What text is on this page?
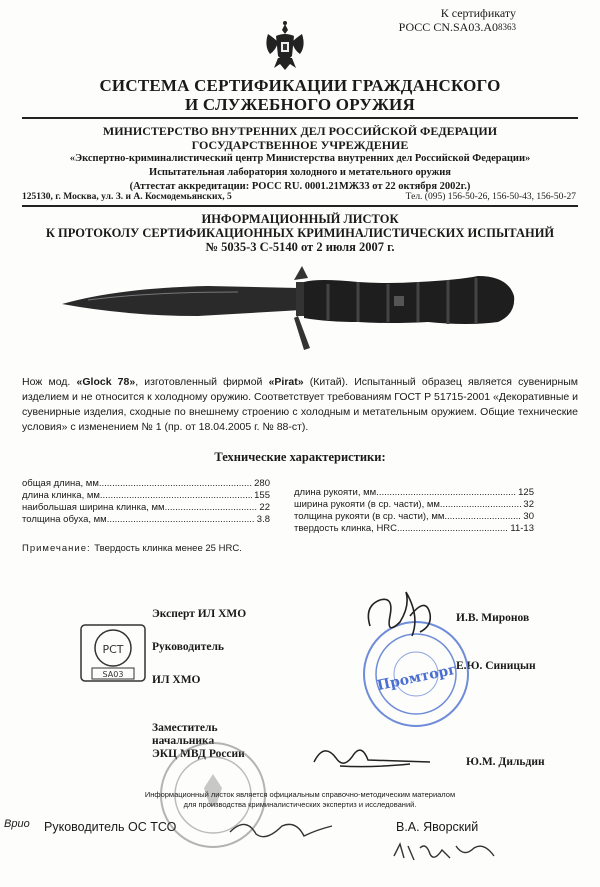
К сертификату
РОСС $CN.SA03.A0^{8363}$
СИСТЕМА СЕРТИФИКАЦИИ ГРАЖДАНСКОГО
И СЛУЖЕБНОГО ОРУЖИЯ
МИНИСТЕРСТВО ВНУТРЕННИХ ДЕЛ РОССИЙСКОЙ ФЕДЕРАЦИИ
ГОСУДАРСТВЕННОЕ УЧРЕЖДЕНИЕ
«Экспертно-криминалистический центр Министерства внутренних дел Российской Федерации»
Испытательная лаборатория холодного и метательного оружия
(Аттестат аккредитации: РОСС RU. 0001.21МЖ33 от 22 октября 2002г.)
125130, г. Москва, ул. З. и А. Космодемьянских, 5	Тел. (095) 156-50-26, 156-50-43, 156-50-27
ИНФОРМАЦИОННЫЙ ЛИСТОК
К ПРОТОКОЛУ СЕРТИФИКАЦИОННЫХ КРИМИНАЛИСТИЧЕСКИХ ИСПЫТАНИЙ
№ 5035-3 С-5140 от 2 июля 2007 г.
Нож мод. «Glock 78», изготовленный фирмой «Pirat» (Китай). Испытанный образец является сувенирным изделием и не относится к холодному оружию. Соответствует требованиям ГОСТ Р 51715-2001 «Декоративные и сувенирные изделия, сходные по внешнему строению с холодным и метательным оружием. Общие технические условия» с изменением № 1 (пр. от 18.04.2005 г. № 88-ст).
Технические характеристики:
общая длина, мм .....	280
длина клинка, мм .....	155
наибольшая ширина клинка, мм .....	22
толщина обуха, мм .....	3.8
длина рукояти, мм .....	125
ширина рукояти (в ср. части), мм .....	32
толщина рукояти (в ср. части), мм .....	30
твердость клинка, HRC .....	11-13
Примечание: Твердость клинка менее 25 HRC.
Эксперт ИЛ ХМО
Руководитель
ИЛ ХМО
Заместитель
начальника
ЭКЦ МВД России
И.В. Миронов
Е.Ю. Синицын
Ю.М. Дильдин
РСТ
SA03	Промторг
Информационный листок является официальным справочно-методическим материалом
для производства криминалистических экспертиз и исследований.
Вриo Руководитель ОС ТСО	В.А. Яворский
